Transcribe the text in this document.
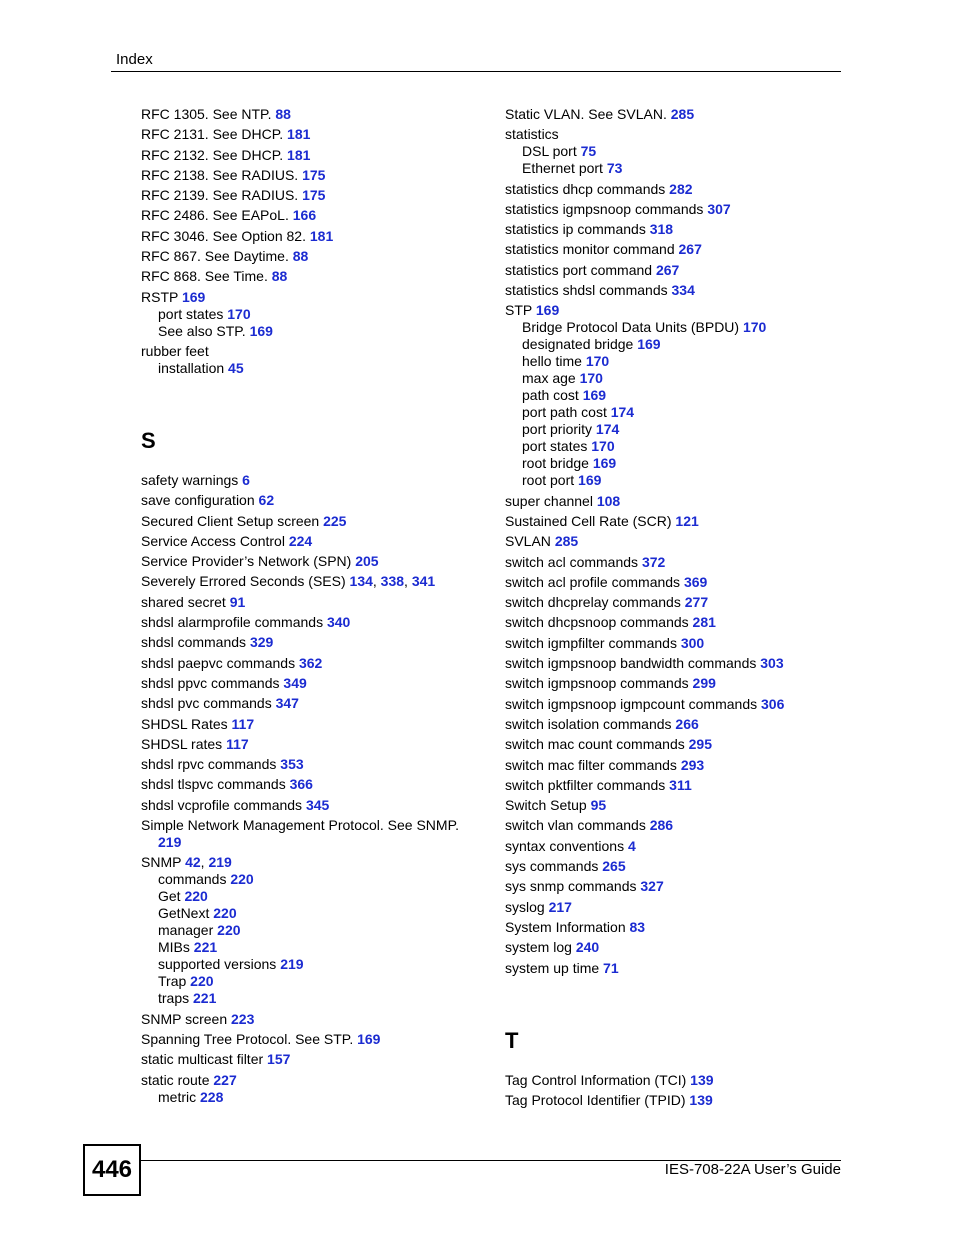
Index
RFC 1305. See NTP. 88
RFC 2131. See DHCP. 181
RFC 2132. See DHCP. 181
RFC 2138. See RADIUS. 175
RFC 2139. See RADIUS. 175
RFC 2486. See EAPoL. 166
RFC 3046. See Option 82. 181
RFC 867. See Daytime. 88
RFC 868. See Time. 88
RSTP 169
port states 170
See also STP. 169
rubber feet
installation 45
S
safety warnings 6
save configuration 62
Secured Client Setup screen 225
Service Access Control 224
Service Provider’s Network (SPN) 205
Severely Errored Seconds (SES) 134, 338, 341
shared secret 91
shdsl alarmprofile commands 340
shdsl commands 329
shdsl paepvc commands 362
shdsl ppvc commands 349
shdsl pvc commands 347
SHDSL Rates 117
SHDSL rates 117
shdsl rpvc commands 353
shdsl tlspvc commands 366
shdsl vcprofile commands 345
Simple Network Management Protocol. See SNMP.
219
SNMP 42, 219
commands 220
Get 220
GetNext 220
manager 220
MIBs 221
supported versions 219
Trap 220
traps 221
SNMP screen 223
Spanning Tree Protocol. See STP. 169
static multicast filter 157
static route 227
metric 228
Static VLAN. See SVLAN. 285
statistics
DSL port 75
Ethernet port 73
statistics dhcp commands 282
statistics igmpsnoop commands 307
statistics ip commands 318
statistics monitor command 267
statistics port command 267
statistics shdsl commands 334
STP 169
Bridge Protocol Data Units (BPDU) 170
designated bridge 169
hello time 170
max age 170
path cost 169
port path cost 174
port priority 174
port states 170
root bridge 169
root port 169
super channel 108
Sustained Cell Rate (SCR) 121
SVLAN 285
switch acl commands 372
switch acl profile commands 369
switch dhcprelay commands 277
switch dhcpsnoop commands 281
switch igmpfilter commands 300
switch igmpsnoop bandwidth commands 303
switch igmpsnoop commands 299
switch igmpsnoop igmpcount commands 306
switch isolation commands 266
switch mac count commands 295
switch mac filter commands 293
switch pktfilter commands 311
Switch Setup 95
switch vlan commands 286
syntax conventions 4
sys commands 265
sys snmp commands 327
syslog 217
System Information 83
system log 240
system up time 71
T
Tag Control Information (TCI) 139
Tag Protocol Identifier (TPID) 139
446	IES-708-22A User’s Guide
